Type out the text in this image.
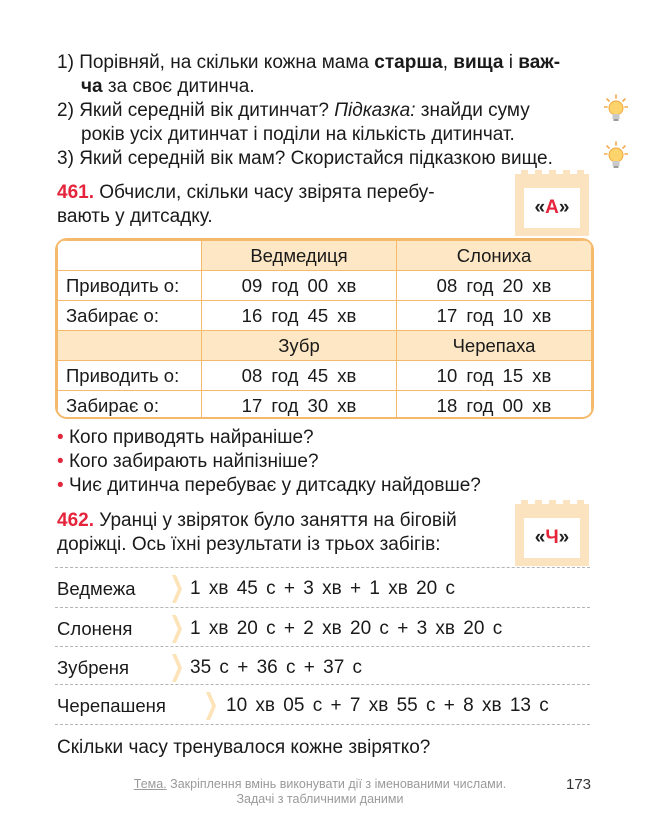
1) Порівняй, на скільки кожна мама старша, вища і важ-
ча за своє дитинча.
2) Який середній вік дитинчат? Підказка: знайди суму
років усіх дитинчат і поділи на кількість дитинчат.
3) Який середній вік мам? Скористайся підказкою вище.
461. Обчисли, скільки часу звірята перебу-
вають у дитсадку.	«А»
	Ведмедиця	Слониха
Приводить о:	09 год 00 хв	08 год 20 хв
Забирає о:	16 год 45 хв	17 год 10 хв
	Зубр	Черепаха
Приводить о:	08 год 45 хв	10 год 15 хв
Забирає о:	17 год 30 хв	18 год 00 хв
• Кого приводять найраніше?
• Кого забирають найпізніше?
• Чиє дитинча перебуває у дитсадку найдовше?
462. Уранці у звіряток було заняття на біговій
доріжці. Ось їхні результати із трьох забігів:	«Ч»
Ведмежа	1 хв 45 с + 3 хв + 1 хв 20 с
Слоненя	1 хв 20 с + 2 хв 20 с + 3 хв 20 с
Зубреня	35 с + 36 с + 37 с
Черепашеня	10 хв 05 с + 7 хв 55 с + 8 хв 13 с
Скільки часу тренувалося кожне звірятко?
Тема. Закріплення вмінь виконувати дії з іменованими числами.
Задачі з табличними даними
173
